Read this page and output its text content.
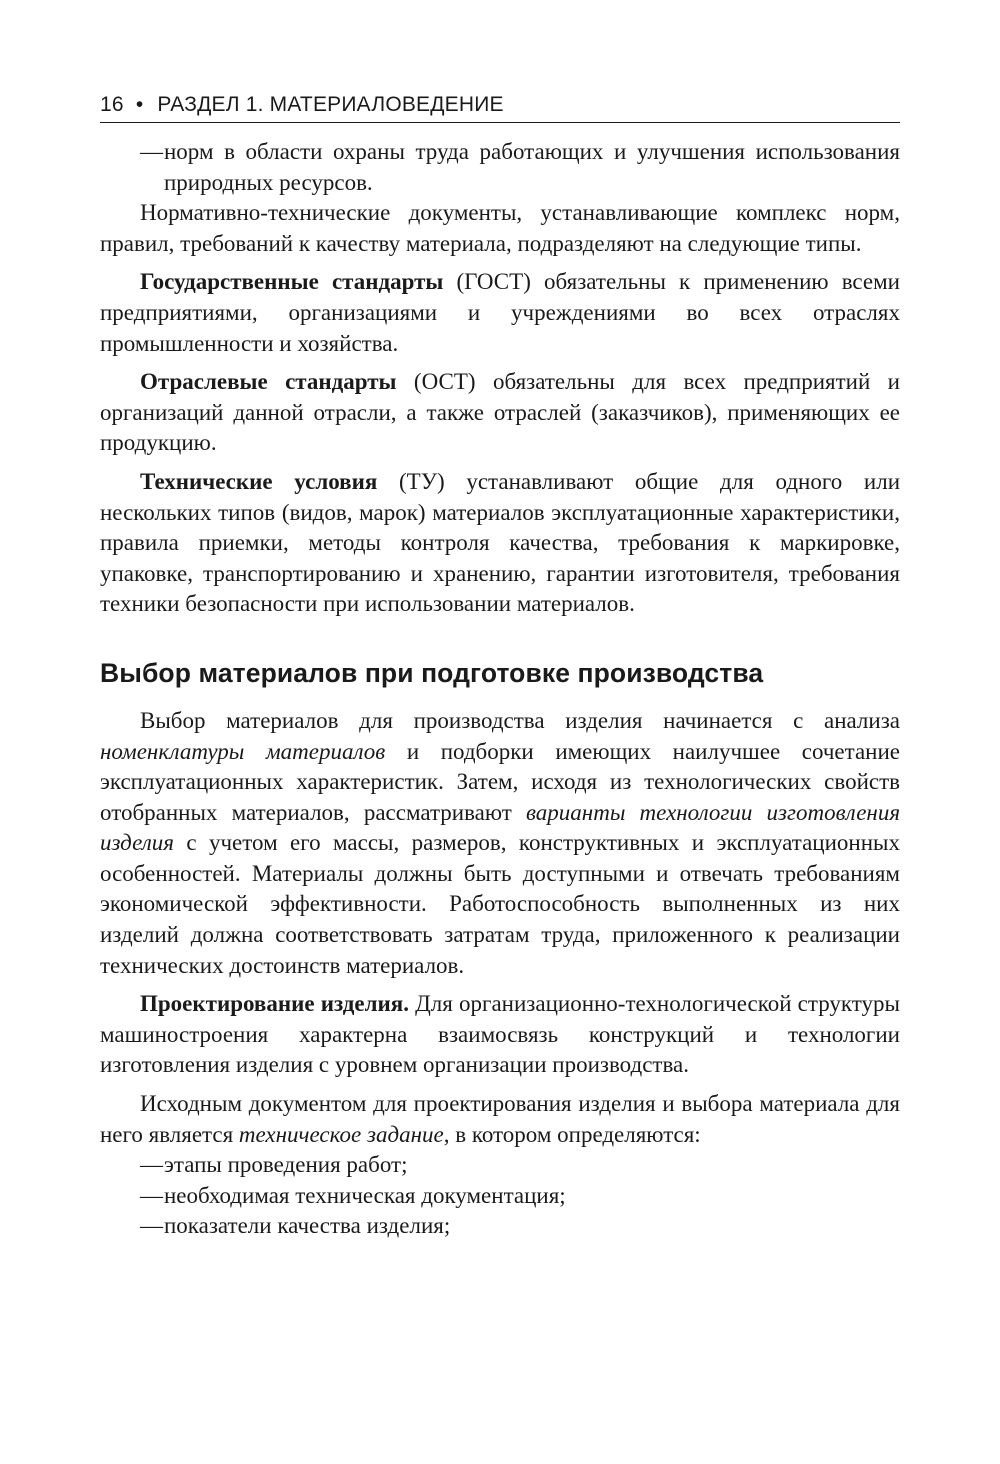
16 • РАЗДЕЛ 1. МАТЕРИАЛОВЕДЕНИЕ

— норм в области охраны труда работающих и улучшения использования природных ресурсов.

Нормативно-технические документы, устанавливающие комплекс норм, правил, требований к качеству материала, подразделяют на следующие типы.

Государственные стандарты (ГОСТ) обязательны к применению всеми предприятиями, организациями и учреждениями во всех отраслях промышленности и хозяйства.

Отраслевые стандарты (ОСТ) обязательны для всех предприятий и организаций данной отрасли, а также отраслей (заказчиков), применяющих ее продукцию.

Технические условия (ТУ) устанавливают общие для одного или нескольких типов (видов, марок) материалов эксплуатационные характеристики, правила приемки, методы контроля качества, требования к маркировке, упаковке, транспортированию и хранению, гарантии изготовителя, требования техники безопасности при использовании материалов.

Выбор материалов при подготовке производства

Выбор материалов для производства изделия начинается с анализа номенклатуры материалов и подборки имеющих наилучшее сочетание эксплуатационных характеристик. Затем, исходя из технологических свойств отобранных материалов, рассматривают варианты технологии изготовления изделия с учетом его массы, размеров, конструктивных и эксплуатационных особенностей. Материалы должны быть доступными и отвечать требованиям экономической эффективности. Работоспособность выполненных из них изделий должна соответствовать затратам труда, приложенного к реализации технических достоинств материалов.

Проектирование изделия. Для организационно-технологической структуры машиностроения характерна взаимосвязь конструкций и технологии изготовления изделия с уровнем организации производства.

Исходным документом для проектирования изделия и выбора материала для него является техническое задание, в котором определяются:

— этапы проведения работ;

— необходимая техническая документация;

— показатели качества изделия;
